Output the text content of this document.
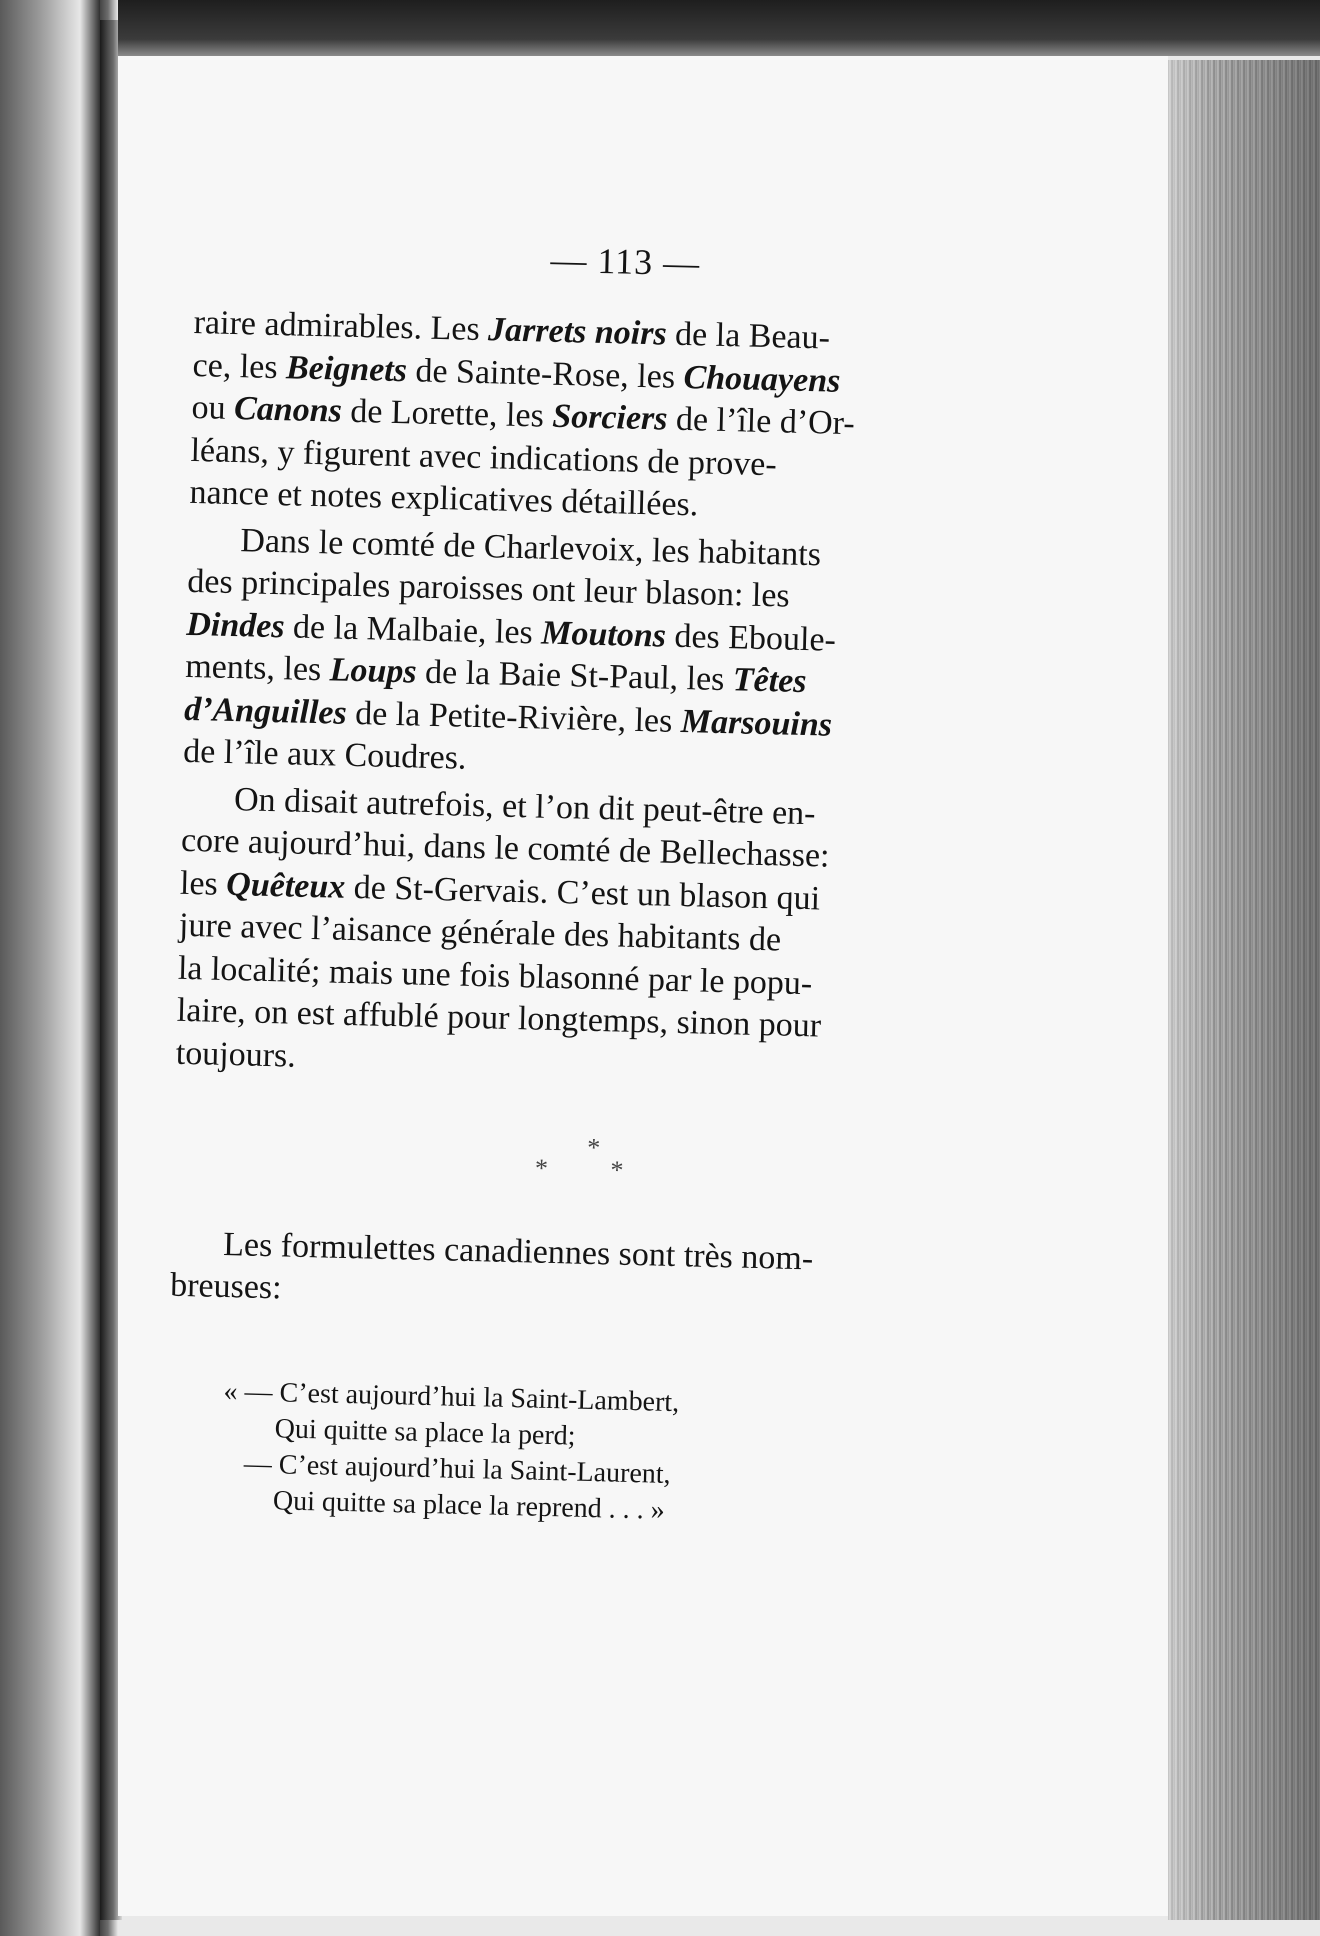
— 113 —

raire admirables. Les Jarrets noirs de la Beau-
ce, les Beignets de Sainte-Rose, les Chouayens
ou Canons de Lorette, les Sorciers de l’île d’Or-
léans, y figurent avec indications de prove-
nance et notes explicatives détaillées.

Dans le comté de Charlevoix, les habitants
des principales paroisses ont leur blason: les
Dindes de la Malbaie, les Moutons des Eboule-
ments, les Loups de la Baie St-Paul, les Têtes
d’Anguilles de la Petite-Rivière, les Marsouins
de l’île aux Coudres.

On disait autrefois, et l’on dit peut-être en-
core aujourd’hui, dans le comté de Bellechasse:
les Quêteux de St-Gervais. C’est un blason qui
jure avec l’aisance générale des habitants de
la localité; mais une fois blasonné par le popu-
laire, on est affublé pour longtemps, sinon pour
toujours.

*
* *

Les formulettes canadiennes sont très nom-
breuses:

« — C’est aujourd’hui la Saint-Lambert,
Qui quitte sa place la perd;
— C’est aujourd’hui la Saint-Laurent,
Qui quitte sa place la reprend . . . »
